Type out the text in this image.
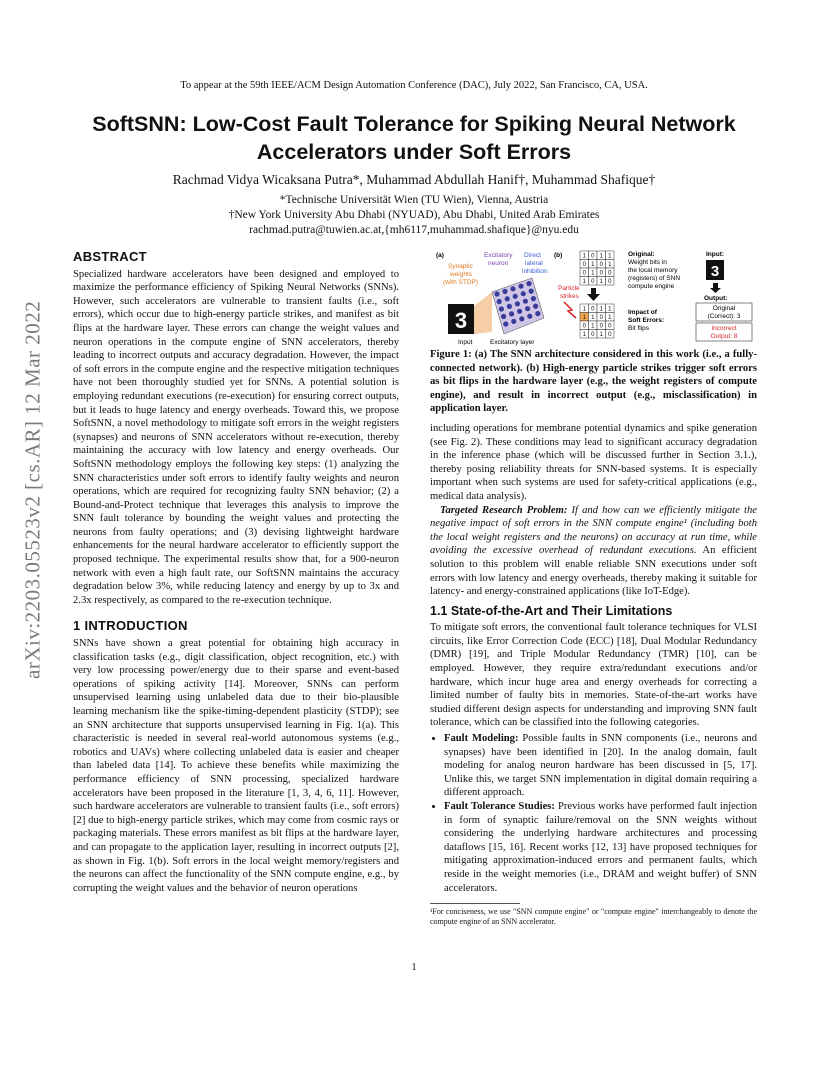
arXiv:2203.05523v2 [cs.AR] 12 Mar 2022
To appear at the 59th IEEE/ACM Design Automation Conference (DAC), July 2022, San Francisco, CA, USA.
SoftSNN: Low-Cost Fault Tolerance for Spiking Neural Network
Accelerators under Soft Errors
Rachmad Vidya Wicaksana Putra*, Muhammad Abdullah Hanif†, Muhammad Shafique†
*Technische Universität Wien (TU Wien), Vienna, Austria
†New York University Abu Dhabi (NYUAD), Abu Dhabi, United Arab Emirates
rachmad.putra@tuwien.ac.at,{mh6117,muhammad.shafique}@nyu.edu
ABSTRACT

Specialized hardware accelerators have been designed and employed to maximize the performance efficiency of Spiking Neural Networks (SNNs). However, such accelerators are vulnerable to transient faults (i.e., soft errors), which occur due to high-energy particle strikes, and manifest as bit flips at the hardware layer. These errors can change the weight values and neuron operations in the compute engine of SNN accelerators, thereby leading to incorrect outputs and accuracy degradation. However, the impact of soft errors in the compute engine and the respective mitigation techniques have not been thoroughly studied yet for SNNs. A potential solution is employing redundant executions (re-execution) for ensuring correct outputs, but it leads to huge latency and energy overheads. Toward this, we propose SoftSNN, a novel methodology to mitigate soft errors in the weight registers (synapses) and neurons of SNN accelerators without re-execution, thereby maintaining the accuracy with low latency and energy overheads. Our SoftSNN methodology employs the following key steps: (1) analyzing the SNN characteristics under soft errors to identify faulty weights and neuron operations, which are required for recognizing faulty SNN behavior; (2) a Bound-and-Protect technique that leverages this analysis to improve the SNN fault tolerance by bounding the weight values and protecting the neurons from faulty operations; and (3) devising lightweight hardware enhancements for the neural hardware accelerator to efficiently support the proposed technique. The experimental results show that, for a 900-neuron network with even a high fault rate, our SoftSNN maintains the accuracy degradation below 3%, while reducing latency and energy by up to 3x and 2.3x respectively, as compared to the re-execution technique.

1 INTRODUCTION

SNNs have shown a great potential for obtaining high accuracy in classification tasks (e.g., digit classification, object recognition, etc.) with very low processing power/energy due to their sparse and event-based operations of spiking activity [14]. Moreover, SNNs can perform unsupervised learning using unlabeled data due to their bio-plausible learning mechanism like the spike-timing-dependent plasticity (STDP); see an SNN architecture that supports unsupervised learning in Fig. 1(a). This characteristic is needed in several real-world autonomous systems (e.g., robotics and UAVs) where collecting unlabeled data is easier and cheaper than labeled data [14]. To achieve these benefits while maximizing the performance efficiency of SNN processing, specialized hardware accelerators have been proposed in the literature [1, 3, 4, 6, 11]. However, such hardware accelerators are vulnerable to transient faults (i.e., soft errors) [2] due to high-energy particle strikes, which may come from cosmic rays or packaging materials. These errors manifest as bit flips at the hardware layer, and can propagate to the application layer, resulting in incorrect outputs [2], as shown in Fig. 1(b). Soft errors in the local weight memory/registers and the neurons can affect the functionality of the SNN compute engine, e.g., by corrupting the weight values and the behavior of neuron operations

(a)	(b)
Synaptic
weights
(with STDP)
Excitatory
neuron
Direct
lateral
inhibition
3
Input	Excitatory layer
1 0 1 1
0 1 0 1
0 1 0 0
1 0 1 0
1 0 1 1
1 1 0 1
0 1 0 0
1 0 1 0
Particle
strikes
Original:
Weight bits in
the local memory
(registers) of SNN
compute engine
Impact of
Soft Errors:
Bit flips
Input:
3
Output:
Original
(Correct): 3
Incorrect
Output: 8

Figure 1: (a) The SNN architecture considered in this work (i.e., a fully-connected network). (b) High-energy particle strikes trigger soft errors as bit flips in the hardware layer (e.g., the weight registers of compute engine), and result in incorrect output (e.g., misclassification) in application layer.

including operations for membrane potential dynamics and spike generation (see Fig. 2). These conditions may lead to significant accuracy degradation in the inference phase (which will be discussed further in Section 3.1.), thereby posing reliability threats for SNN-based systems. It is especially important when such systems are used for safety-critical applications (e.g., medical data analysis).

Targeted Research Problem: If and how can we efficiently mitigate the negative impact of soft errors in the SNN compute engine¹ (including both the local weight registers and the neurons) on accuracy at run time, while avoiding the excessive overhead of redundant executions. An efficient solution to this problem will enable reliable SNN executions under soft errors with low latency and energy overheads, thereby making it suitable for latency- and energy-constrained applications (like IoT-Edge).

1.1 State-of-the-Art and Their Limitations

To mitigate soft errors, the conventional fault tolerance techniques for VLSI circuits, like Error Correction Code (ECC) [18], Dual Modular Redundancy (DMR) [19], and Triple Modular Redundancy (TMR) [10], can be employed. However, they require extra/redundant executions and/or hardware, which incur huge area and energy overheads for correcting a limited number of faulty bits in memories. State-of-the-art works have studied different design aspects for understanding and improving SNN fault tolerance, which can be classified into the following categories.

• Fault Modeling: Possible faults in SNN components (i.e., neurons and synapses) have been identified in [20]. In the analog domain, fault modeling for analog neuron hardware has been discussed in [5, 17]. Unlike this, we target SNN implementation in digital domain requiring a different approach.
• Fault Tolerance Studies: Previous works have performed fault injection in form of synaptic failure/removal on the SNN weights without considering the underlying hardware architectures and processing dataflows [15, 16]. Recent works [12, 13] have proposed techniques for mitigating approximation-induced errors and permanent faults, which reside in the weight memories (i.e., DRAM and weight buffer) of SNN accelerators.

¹For conciseness, we use "SNN compute engine" or "compute engine" interchangeably to denote the compute engine of an SNN accelerator.

1
